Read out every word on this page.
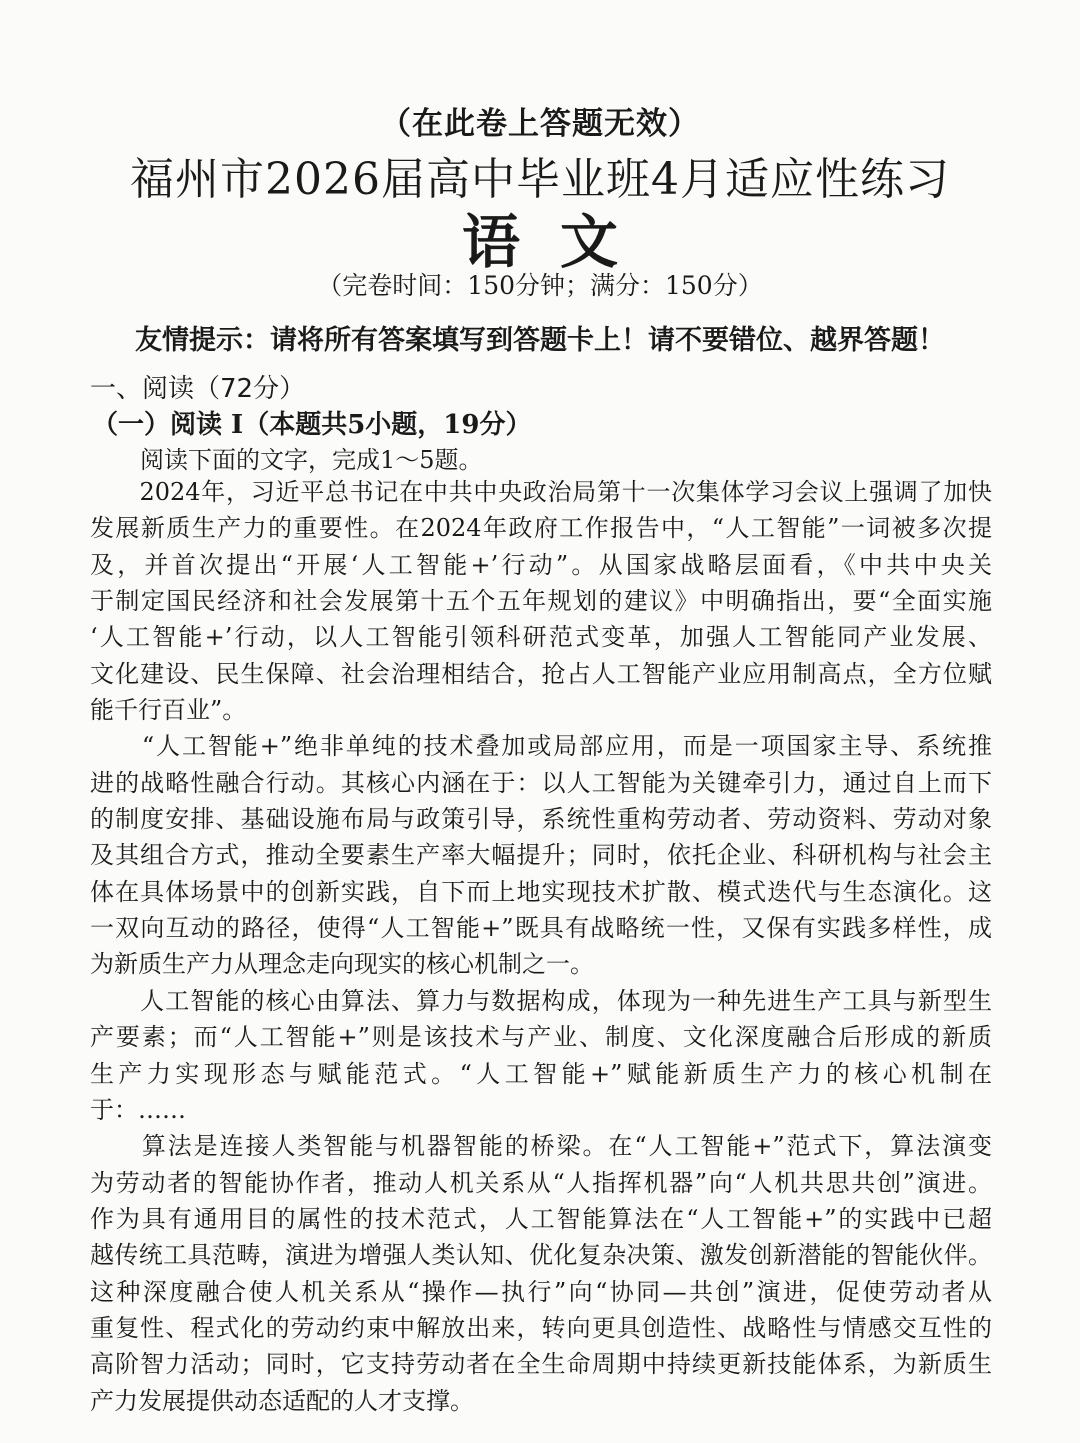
（在此卷上答题无效）
福州市2026届高中毕业班4月适应性练习
语文
（完卷时间：150分钟；满分：150分）
友情提示：请将所有答案填写到答题卡上！请不要错位、越界答题！
一、阅读（72分）
（一）阅读 I（本题共5小题，19分）
阅读下面的文字，完成1～5题。
　　2024年，习近平总书记在中共中央政治局第十一次集体学习会议上强调了加快
发展新质生产力的重要性。在2024年政府工作报告中，“人工智能”一词被多次提
及，并首次提出“开展‘人工智能+’行动”。从国家战略层面看，《中共中央关
于制定国民经济和社会发展第十五个五年规划的建议》中明确指出，要“全面实施
‘人工智能+’行动，以人工智能引领科研范式变革，加强人工智能同产业发展、
文化建设、民生保障、社会治理相结合，抢占人工智能产业应用制高点，全方位赋
能千行百业”。
　　“人工智能+”绝非单纯的技术叠加或局部应用，而是一项国家主导、系统推
进的战略性融合行动。其核心内涵在于：以人工智能为关键牵引力，通过自上而下
的制度安排、基础设施布局与政策引导，系统性重构劳动者、劳动资料、劳动对象
及其组合方式，推动全要素生产率大幅提升；同时，依托企业、科研机构与社会主
体在具体场景中的创新实践，自下而上地实现技术扩散、模式迭代与生态演化。这
一双向互动的路径，使得“人工智能+”既具有战略统一性，又保有实践多样性，成
为新质生产力从理念走向现实的核心机制之一。
　　人工智能的核心由算法、算力与数据构成，体现为一种先进生产工具与新型生
产要素；而“人工智能+”则是该技术与产业、制度、文化深度融合后形成的新质
生产力实现形态与赋能范式。“人工智能+”赋能新质生产力的核心机制在
于：……
　　算法是连接人类智能与机器智能的桥梁。在“人工智能+”范式下，算法演变
为劳动者的智能协作者，推动人机关系从“人指挥机器”向“人机共思共创”演进。
作为具有通用目的属性的技术范式，人工智能算法在“人工智能+”的实践中已超
越传统工具范畴，演进为增强人类认知、优化复杂决策、激发创新潜能的智能伙伴。
这种深度融合使人机关系从“操作—执行”向“协同—共创”演进，促使劳动者从
重复性、程式化的劳动约束中解放出来，转向更具创造性、战略性与情感交互性的
高阶智力活动；同时，它支持劳动者在全生命周期中持续更新技能体系，为新质生
产力发展提供动态适配的人才支撑。
